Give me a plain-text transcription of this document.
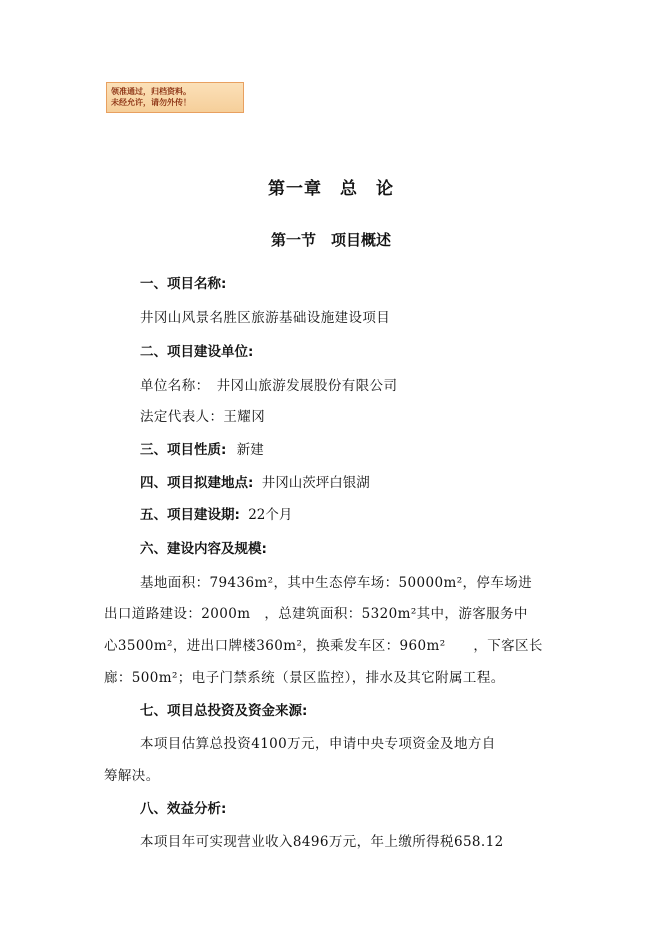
领准通过，归档资料。
未经允许，请勿外传！
第一章　总　论
第一节　项目概述
一、项目名称:
井冈山风景名胜区旅游基础设施建设项目
二、项目建设单位:
单位名称：　井冈山旅游发展股份有限公司
法定代表人：王耀冈
三、项目性质: 新建
四、项目拟建地点: 井冈山茨坪白银湖
五、项目建设期: 22个月
六、建设内容及规模:
基地面积：79436m²，其中生态停车场：50000m²，停车场进
出口道路建设：2000m　，总建筑面积：5320m²其中，游客服务中
心3500m²，进出口牌楼360m²，换乘发车区：960m²　　，下客区长
廊：500m²；电子门禁系统（景区监控），排水及其它附属工程。
七、项目总投资及资金来源:
本项目估算总投资4100万元，申请中央专项资金及地方自
筹解决。
八、效益分析:
本项目年可实现营业收入8496万元，年上缴所得税658.12
